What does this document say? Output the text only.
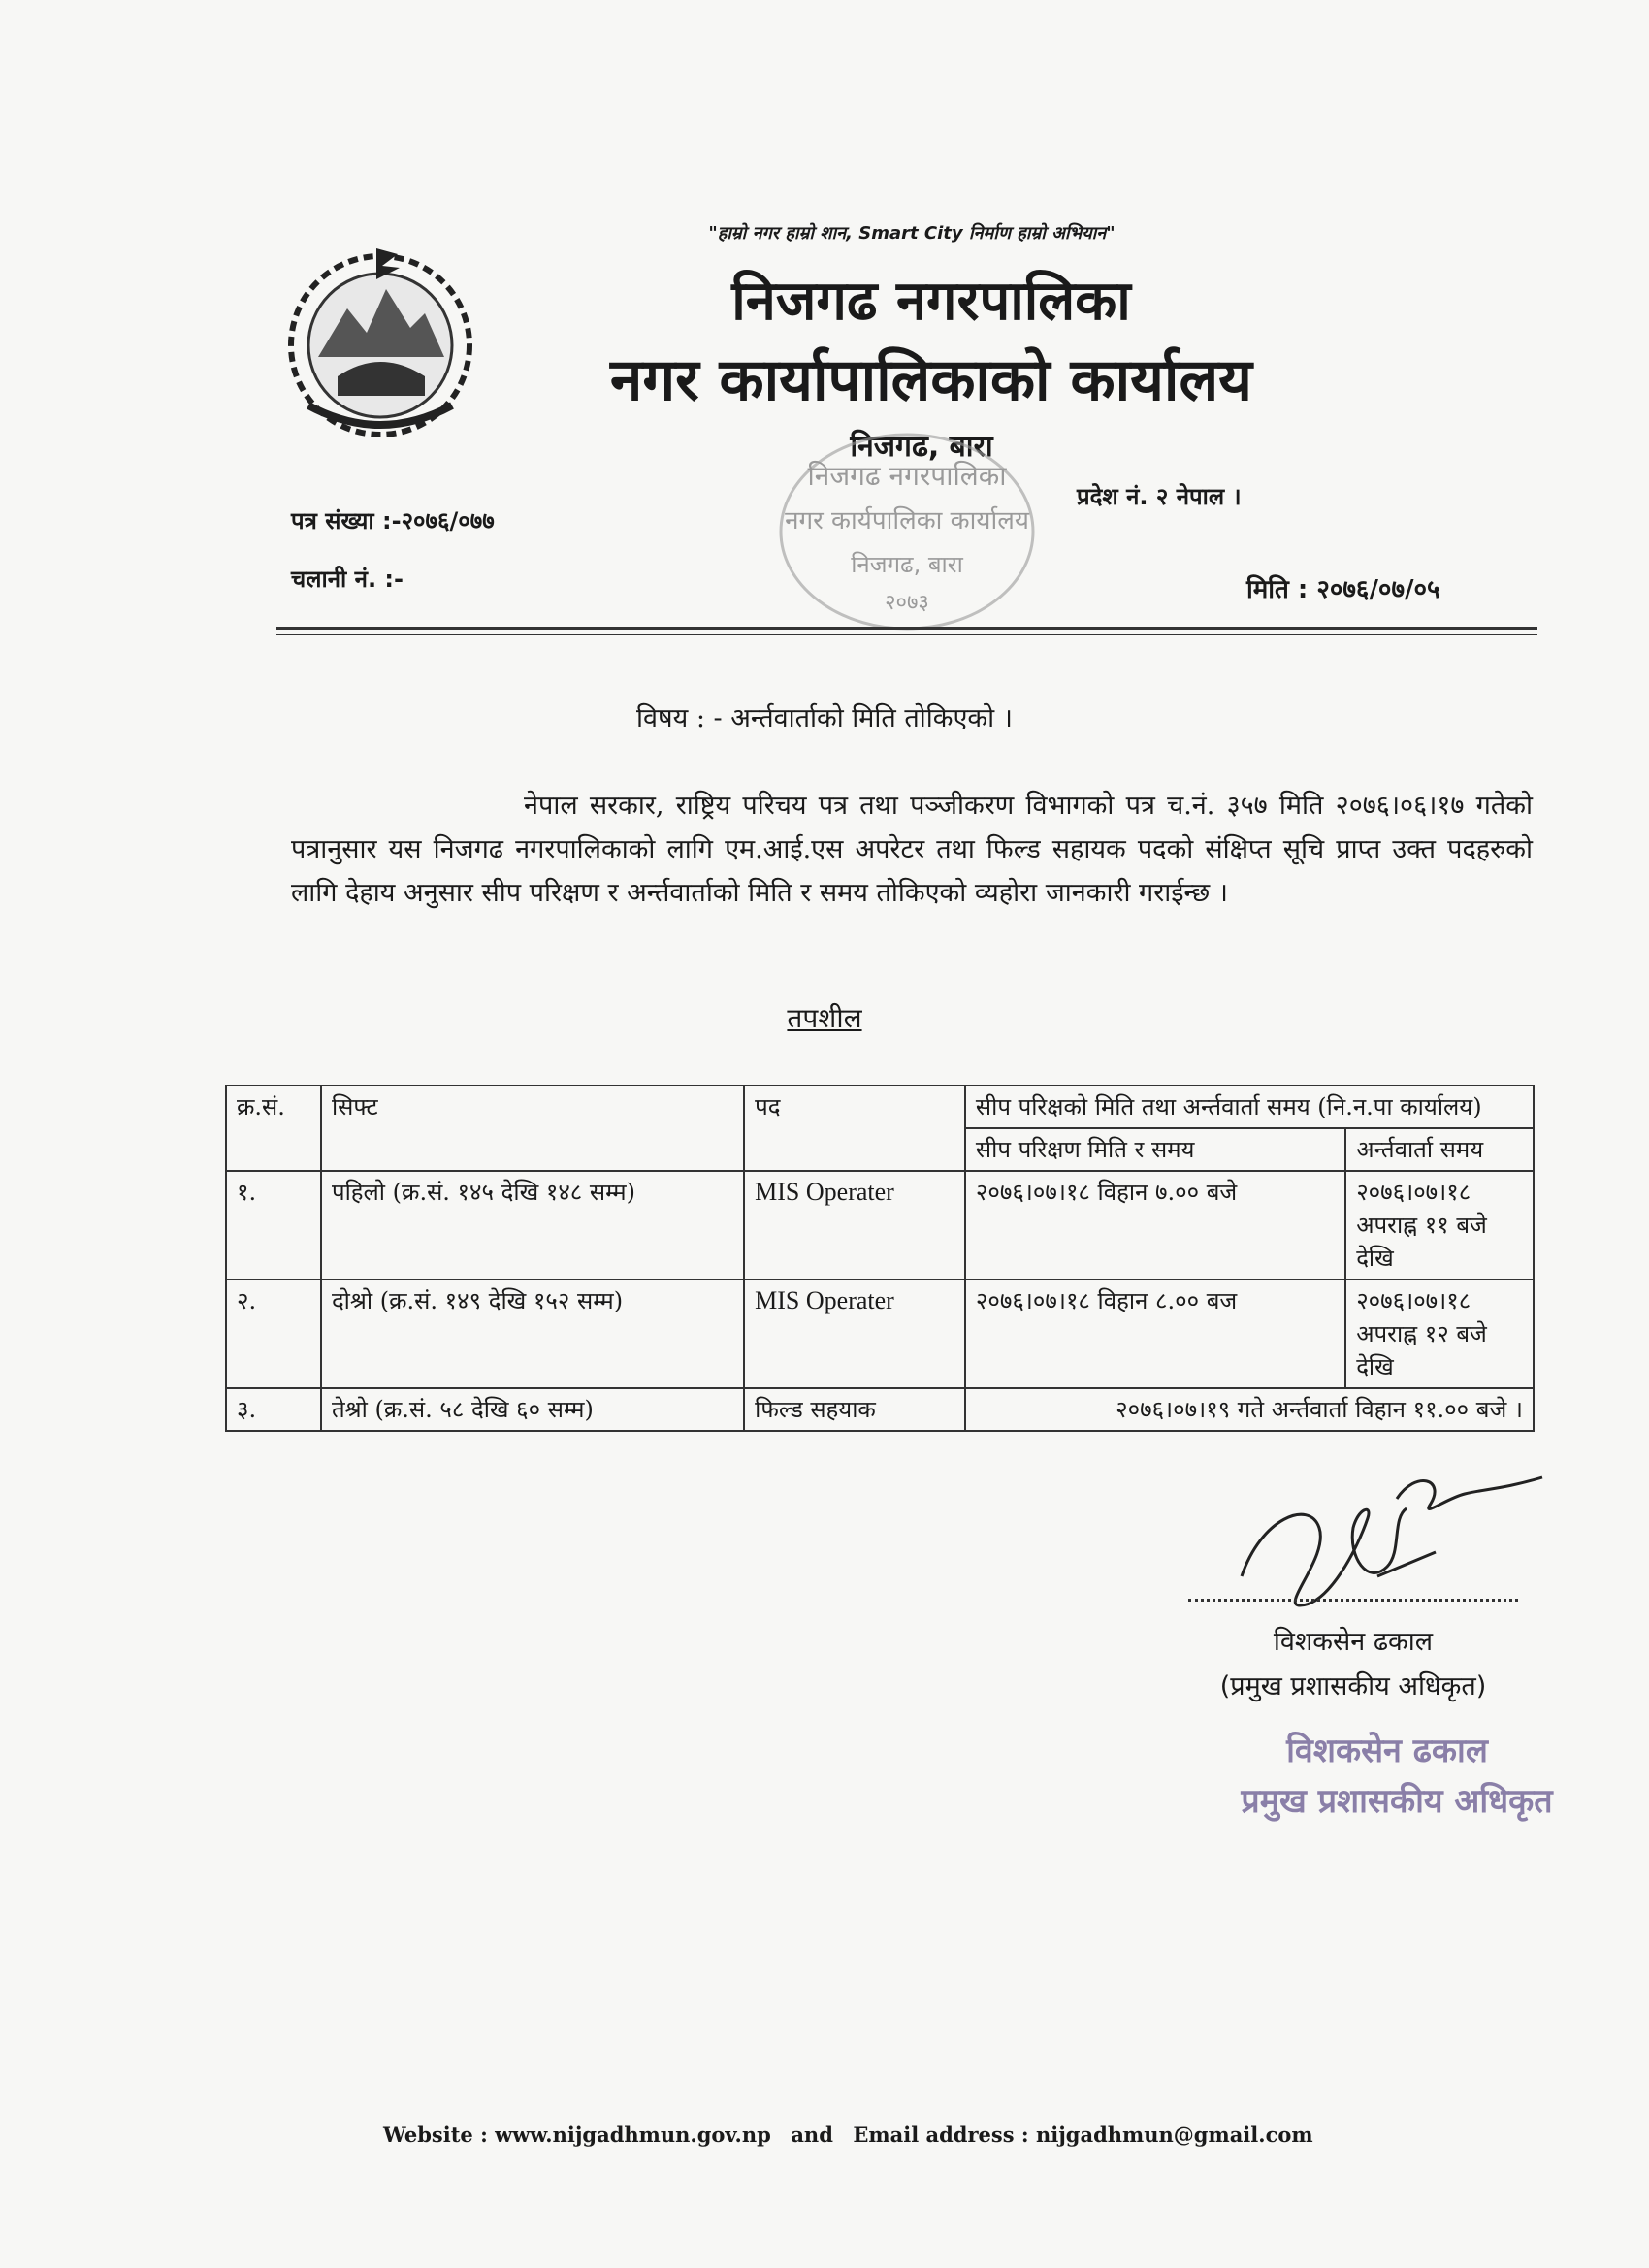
"हाम्रो नगर हाम्रो शान, Smart City निर्माण हाम्रो अभियान"
निजगढ नगरपालिका
नगर कार्यापालिकाको कार्यालय
निजगढ, बारा
प्रदेश नं. २ नेपाल ।
निजगढ नगरपालिका
नगर कार्यपालिका कार्यालय
निजगढ, बारा
२०७३
पत्र संख्या :-२०७६/०७७
चलानी नं. :-	मिति : २०७६/०७/०५
विषय : - अर्न्तवार्ताको मिति तोकिएको ।
नेपाल सरकार, राष्ट्रिय परिचय पत्र तथा पञ्जीकरण विभागको पत्र च.नं. ३५७ मिति २०७६।०६।१७ गतेको पत्रानुसार यस निजगढ नगरपालिकाको लागि एम.आई.एस अपरेटर तथा फिल्ड सहायक पदको संक्षिप्त सूचि प्राप्त उक्त पदहरुको लागि देहाय अनुसार सीप परिक्षण र अर्न्तवार्ताको मिति र समय तोकिएको व्यहोरा जानकारी गराईन्छ ।
तपशील
क्र.सं.	सिफ्ट	पद	सीप परिक्षको मिति तथा अर्न्तवार्ता समय (नि.न.पा कार्यालय)	
			सीप परिक्षण मिति र समय	अर्न्तवार्ता समय
१.	पहिलो (क्र.सं. १४५ देखि १४८ सम्म)	MIS Operater	२०७६।०७।१८ विहान ७.०० बजे	२०७६।०७।१८ अपराह्न ११ बजे देखि
२.	दोश्रो (क्र.सं. १४९ देखि १५२ सम्म)	MIS Operater	२०७६।०७।१८ विहान ८.०० बज	२०७६।०७।१८ अपराह्न १२ बजे देखि
३.	तेश्रो (क्र.सं. ५८ देखि ६० सम्म)	फिल्ड सहयाक	२०७६।०७।१९ गते अर्न्तवार्ता विहान ११.०० बजे ।	
विशकसेन ढकाल
(प्रमुख प्रशासकीय अधिकृत)
विशकसेन ढकाल
प्रमुख प्रशासकीय अधिकृत
Website : www.nijgadhmun.gov.np and Email address : nijgadhmun@gmail.com
